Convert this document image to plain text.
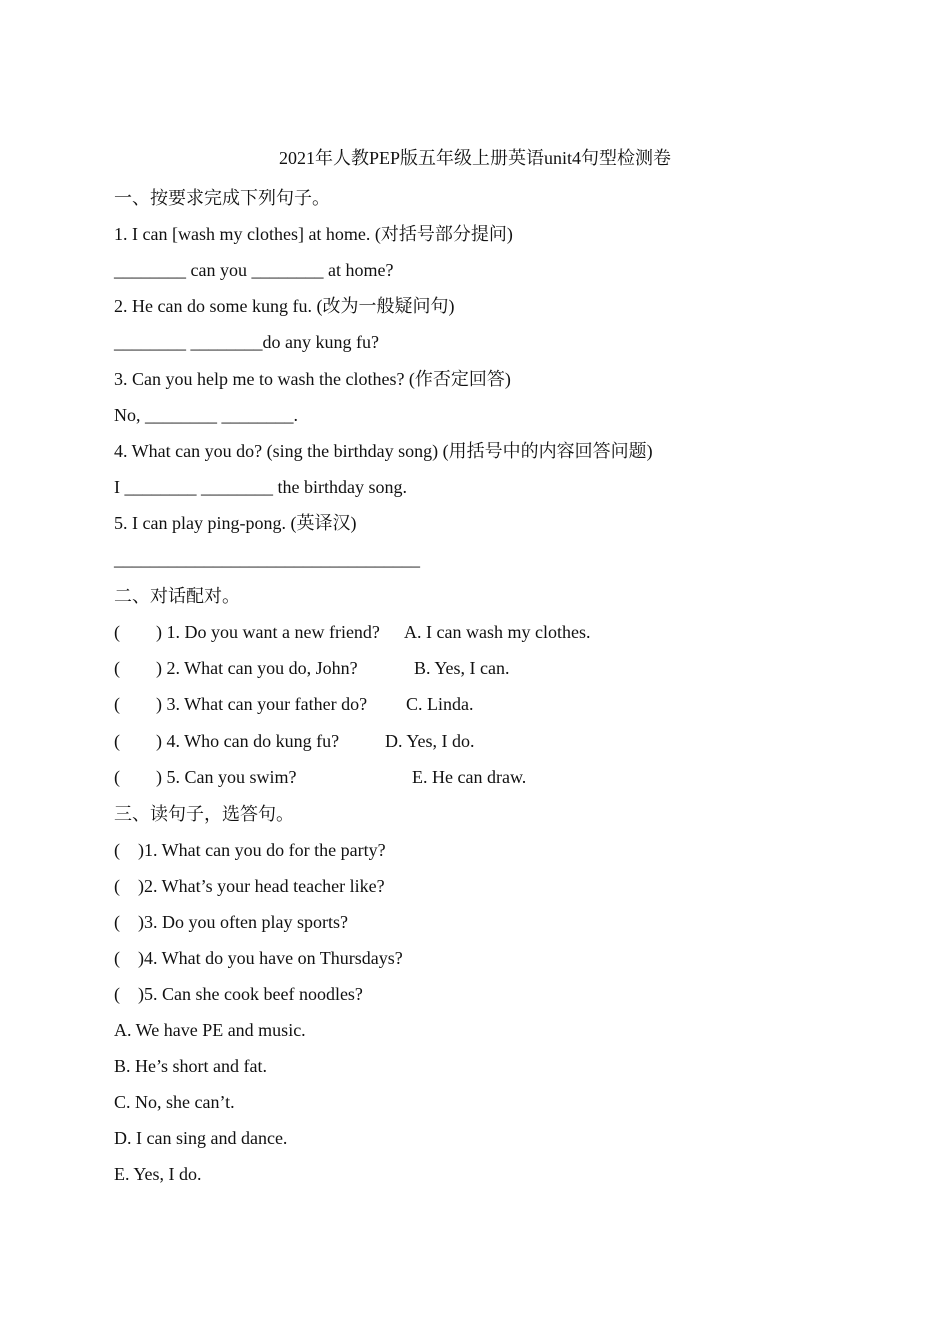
2021年人教PEP版五年级上册英语unit4句型检测卷
一、按要求完成下列句子。
1. I can [wash my clothes] at home. (对括号部分提问)
________ can you ________ at home?
2. He can do some kung fu. (改为一般疑问句)
________ ________do any kung fu?
3. Can you help me to wash the clothes? (作否定回答)
No, ________ ________.
4. What can you do? (sing the birthday song) (用括号中的内容回答问题)
I ________ ________ the birthday song.
5. I can play ping-pong. (英译汉)
__________________________________
二、对话配对。
(        ) 1. Do you want a new friend? A. I can wash my clothes.
(        ) 2. What can you do, John?	B. Yes, I can.
(        ) 3. What can your father do? C. Linda.
(        ) 4. Who can do kung fu?	D. Yes, I do.
(        ) 5. Can you swim?	E. He can draw.
三、读句子，选答句。
(    )1. What can you do for the party?
(    )2. What’s your head teacher like?
(    )3. Do you often play sports?
(    )4. What do you have on Thursdays?
(    )5. Can she cook beef noodles?
A. We have PE and music.
B. He’s short and fat.
C. No, she can’t.
D. I can sing and dance.
E. Yes, I do.
